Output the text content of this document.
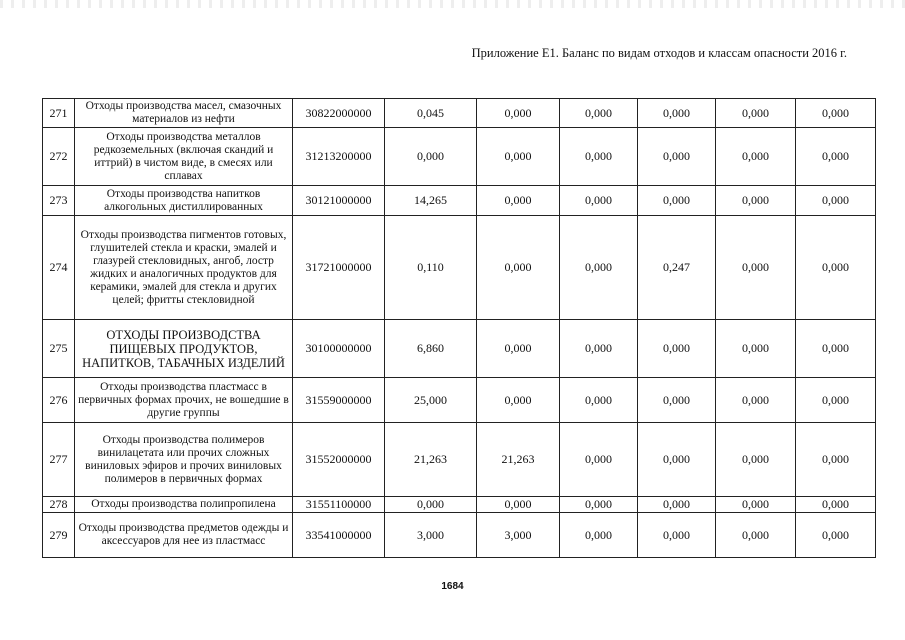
Приложение Е1. Баланс по видам отходов и классам опасности 2016 г.
271	Отходы производства масел, смазочных материалов из нефти	30822000000	0,045	0,000	0,000	0,000	0,000	0,000
272	Отходы производства металлов редкоземельных (включая скандий и иттрий) в чистом виде, в смесях или сплавах	31213200000	0,000	0,000	0,000	0,000	0,000	0,000
273	Отходы производства напитков алкогольных дистиллированных	30121000000	14,265	0,000	0,000	0,000	0,000	0,000
274	Отходы производства пигментов готовых, глушителей стекла и краски, эмалей и глазурей стекловидных, ангоб, лостр жидких и аналогичных продуктов для керамики, эмалей для стекла и других целей; фритты стекловидной	31721000000	0,110	0,000	0,000	0,247	0,000	0,000
275	ОТХОДЫ ПРОИЗВОДСТВА ПИЩЕВЫХ ПРОДУКТОВ, НАПИТКОВ, ТАБАЧНЫХ ИЗДЕЛИЙ	30100000000	6,860	0,000	0,000	0,000	0,000	0,000
276	Отходы производства пластмасс в первичных формах прочих, не вошедшие в другие группы	31559000000	25,000	0,000	0,000	0,000	0,000	0,000
277	Отходы производства полимеров винилацетата или прочих сложных виниловых эфиров и прочих виниловых полимеров в первичных формах	31552000000	21,263	21,263	0,000	0,000	0,000	0,000
278	Отходы производства полипропилена	31551100000	0,000	0,000	0,000	0,000	0,000	0,000
279	Отходы производства предметов одежды и аксессуаров для нее из пластмасс	33541000000	3,000	3,000	0,000	0,000	0,000	0,000
1684
